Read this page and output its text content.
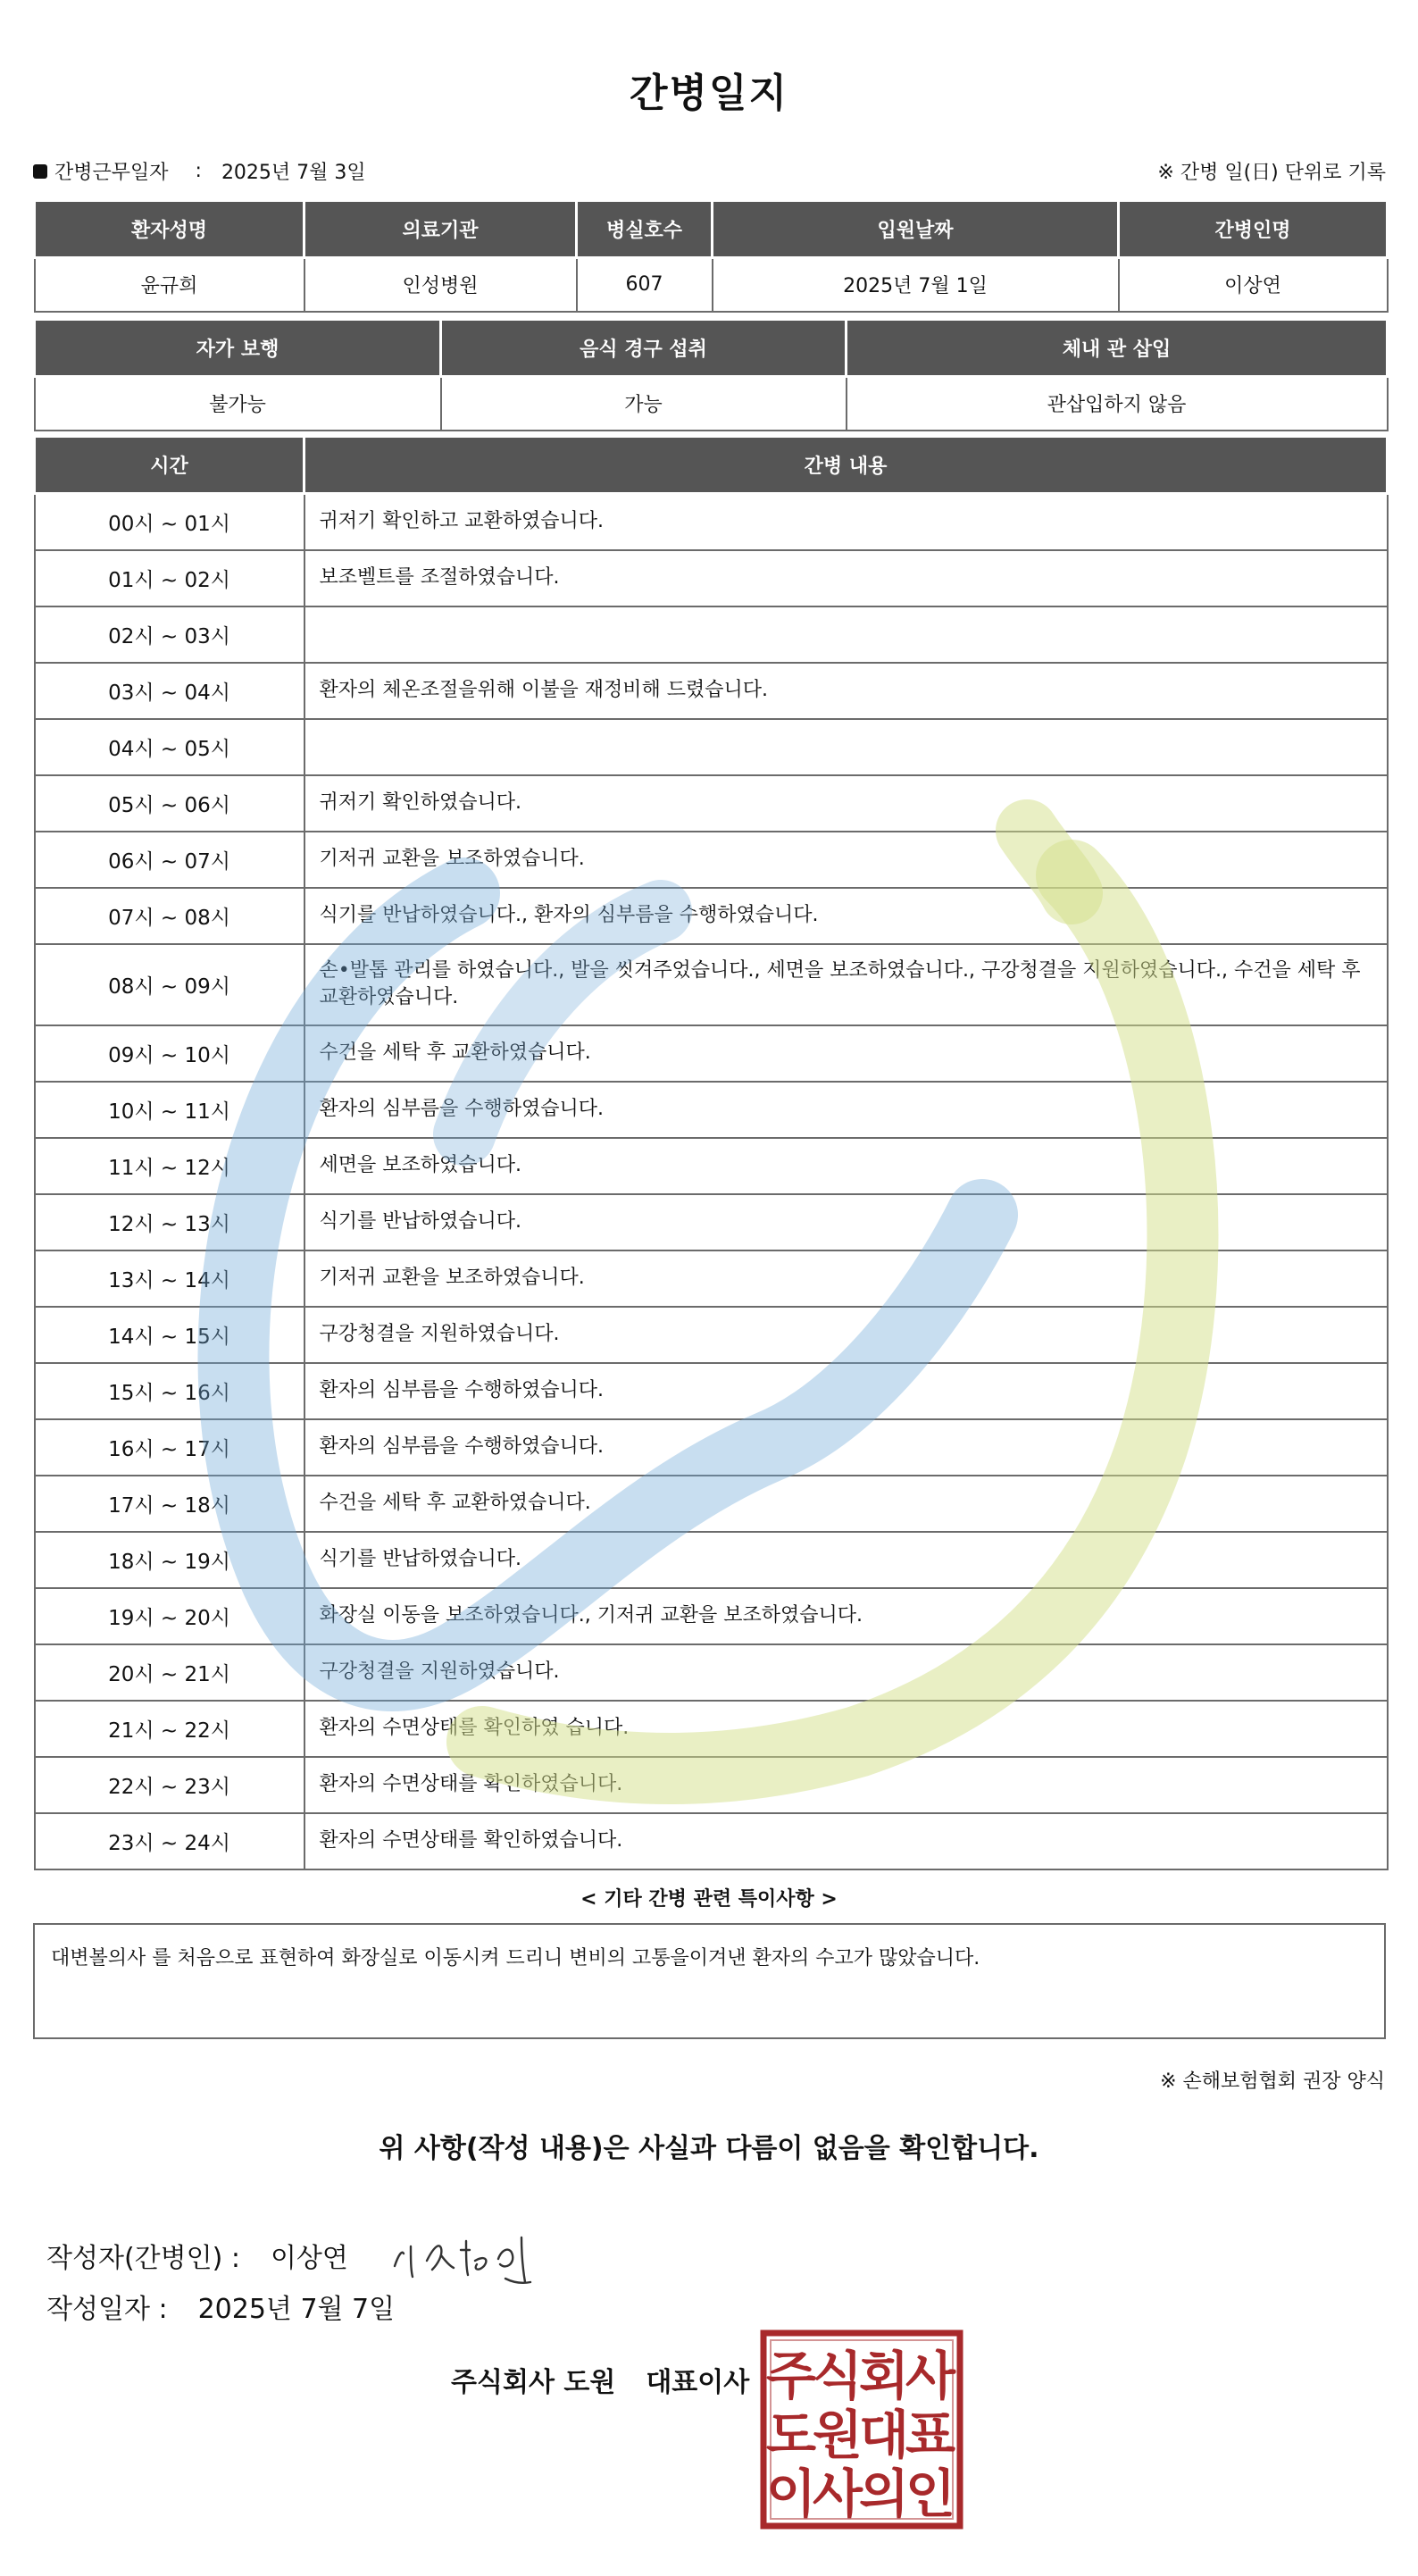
간병일지
간병근무일자 : 2025년 7월 3일	※ 간병 일(日) 단위로 기록
환자성명	의료기관	병실호수	입원날짜	간병인명
윤규희	인성병원	607	2025년 7월 1일	이상연
자가 보행	음식 경구 섭취	체내 관 삽입
불가능	가능	관삽입하지 않음
시간	간병 내용
00시 ~ 01시	귀저기 확인하고 교환하였습니다.
01시 ~ 02시	보조벨트를 조절하였습니다.
02시 ~ 03시	
03시 ~ 04시	환자의 체온조절을위해 이불을 재정비해 드렸습니다.
04시 ~ 05시	
05시 ~ 06시	귀저기 확인하였습니다.
06시 ~ 07시	기저귀 교환을 보조하였습니다.
07시 ~ 08시	식기를 반납하였습니다., 환자의 심부름을 수행하였습니다.
08시 ~ 09시	손•발톱 관리를 하였습니다., 발을 씻겨주었습니다., 세면을 보조하였습니다., 구강청결을 지원하였습니다., 수건을 세탁 후 교환하였습니다.
09시 ~ 10시	수건을 세탁 후 교환하였습니다.
10시 ~ 11시	환자의 심부름을 수행하였습니다.
11시 ~ 12시	세면을 보조하였습니다.
12시 ~ 13시	식기를 반납하였습니다.
13시 ~ 14시	기저귀 교환을 보조하였습니다.
14시 ~ 15시	구강청결을 지원하였습니다.
15시 ~ 16시	환자의 심부름을 수행하였습니다.
16시 ~ 17시	환자의 심부름을 수행하였습니다.
17시 ~ 18시	수건을 세탁 후 교환하였습니다.
18시 ~ 19시	식기를 반납하였습니다.
19시 ~ 20시	화장실 이동을 보조하였습니다., 기저귀 교환을 보조하였습니다.
20시 ~ 21시	구강청결을 지원하였습니다.
21시 ~ 22시	환자의 수면상태를 확인하였 습니다.
22시 ~ 23시	환자의 수면상태를 확인하였습니다.
23시 ~ 24시	환자의 수면상태를 확인하였습니다.
< 기타 간병 관련 특이사항 >
대변볼의사 를 처음으로 표현하여 화장실로 이동시켜 드리니 변비의 고통을이겨낸 환자의 수고가 많았습니다.
※ 손해보험협회 권장 양식
위 사항(작성 내용)은 사실과 다름이 없음을 확인합니다.
작성자(간병인) : 이상연
작성일자 : 2025년 7월 7일
주식회사 도원 대표이사 주
식
회
사
도
원
대
표
이
사
의
인
